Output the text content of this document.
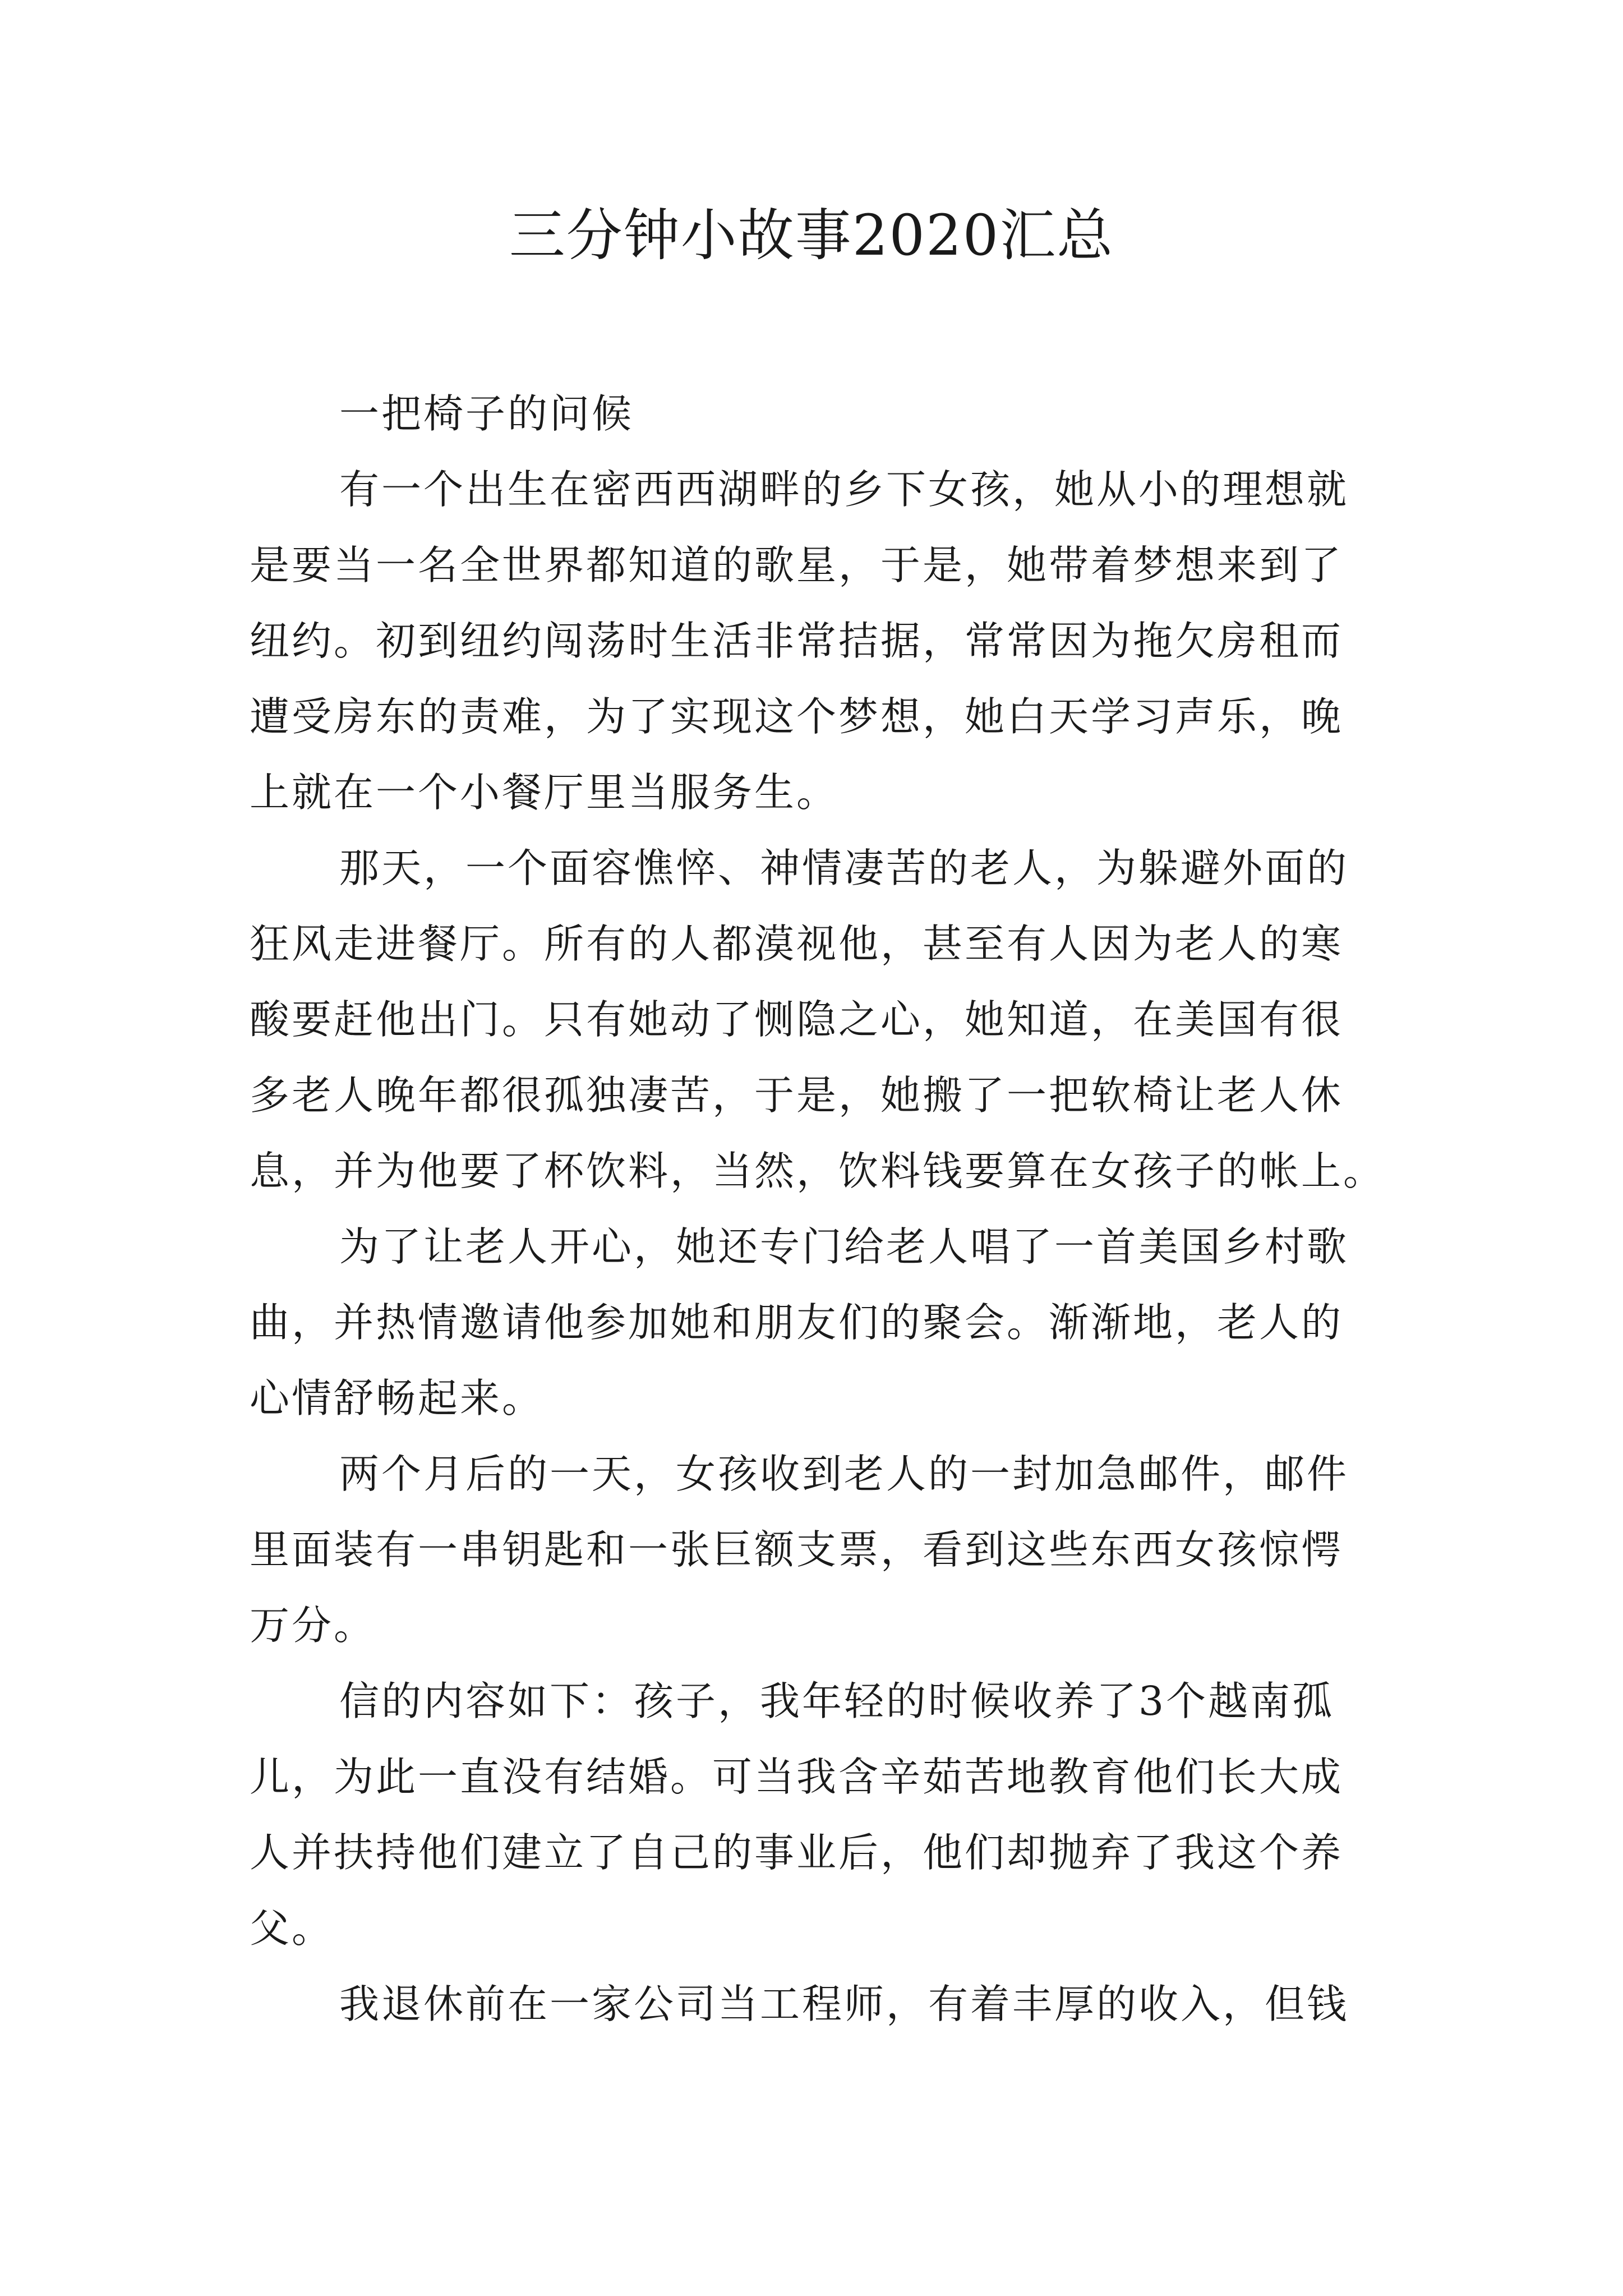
三分钟小故事2020汇总

一把椅子的问候

有一个出生在密西西湖畔的乡下女孩，她从小的理想就
是要当一名全世界都知道的歌星，于是，她带着梦想来到了
纽约。初到纽约闯荡时生活非常拮据，常常因为拖欠房租而
遭受房东的责难，为了实现这个梦想，她白天学习声乐，晚
上就在一个小餐厅里当服务生。
那天，一个面容憔悴、神情凄苦的老人，为躲避外面的
狂风走进餐厅。所有的人都漠视他，甚至有人因为老人的寒
酸要赶他出门。只有她动了恻隐之心，她知道，在美国有很
多老人晚年都很孤独凄苦，于是，她搬了一把软椅让老人休
息，并为他要了杯饮料，当然，饮料钱要算在女孩子的帐上。
为了让老人开心，她还专门给老人唱了一首美国乡村歌
曲，并热情邀请他参加她和朋友们的聚会。渐渐地，老人的
心情舒畅起来。
两个月后的一天，女孩收到老人的一封加急邮件，邮件
里面装有一串钥匙和一张巨额支票，看到这些东西女孩惊愕
万分。
信的内容如下：孩子，我年轻的时候收养了3个越南孤
儿，为此一直没有结婚。可当我含辛茹苦地教育他们长大成
人并扶持他们建立了自己的事业后，他们却抛弃了我这个养
父。
我退休前在一家公司当工程师，有着丰厚的收入，但钱
